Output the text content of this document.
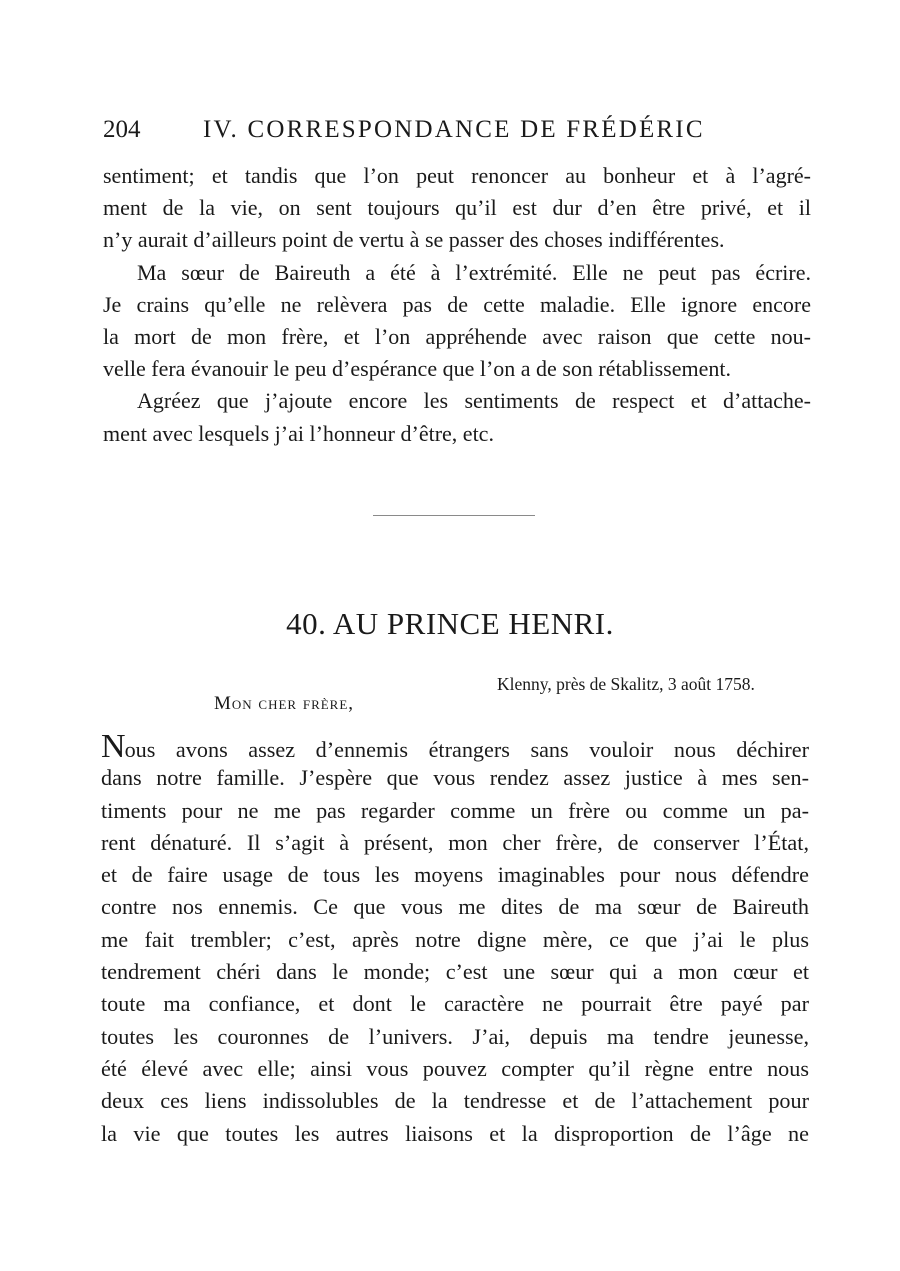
204	IV. CORRESPONDANCE DE FRÉDÉRIC
sentiment; et tandis que l’on peut renoncer au bonheur et à l’agré-
ment de la vie, on sent toujours qu’il est dur d’en être privé, et il
n’y aurait d’ailleurs point de vertu à se passer des choses indifférentes.
Ma sœur de Baireuth a été à l’extrémité. Elle ne peut pas écrire.
Je crains qu’elle ne relèvera pas de cette maladie. Elle ignore encore
la mort de mon frère, et l’on appréhende avec raison que cette nou-
velle fera évanouir le peu d’espérance que l’on a de son rétablissement.
Agréez que j’ajoute encore les sentiments de respect et d’attache-
ment avec lesquels j’ai l’honneur d’être, etc.
40. AU PRINCE HENRI.
Klenny, près de Skalitz, 3 août 1758.
Mon cher frère,
Nous avons assez d’ennemis étrangers sans vouloir nous déchirer
dans notre famille. J’espère que vous rendez assez justice à mes sen-
timents pour ne me pas regarder comme un frère ou comme un pa-
rent dénaturé. Il s’agit à présent, mon cher frère, de conserver l’État,
et de faire usage de tous les moyens imaginables pour nous défendre
contre nos ennemis. Ce que vous me dites de ma sœur de Baireuth
me fait trembler; c’est, après notre digne mère, ce que j’ai le plus
tendrement chéri dans le monde; c’est une sœur qui a mon cœur et
toute ma confiance, et dont le caractère ne pourrait être payé par
toutes les couronnes de l’univers. J’ai, depuis ma tendre jeunesse,
été élevé avec elle; ainsi vous pouvez compter qu’il règne entre nous
deux ces liens indissolubles de la tendresse et de l’attachement pour
la vie que toutes les autres liaisons et la disproportion de l’âge ne
